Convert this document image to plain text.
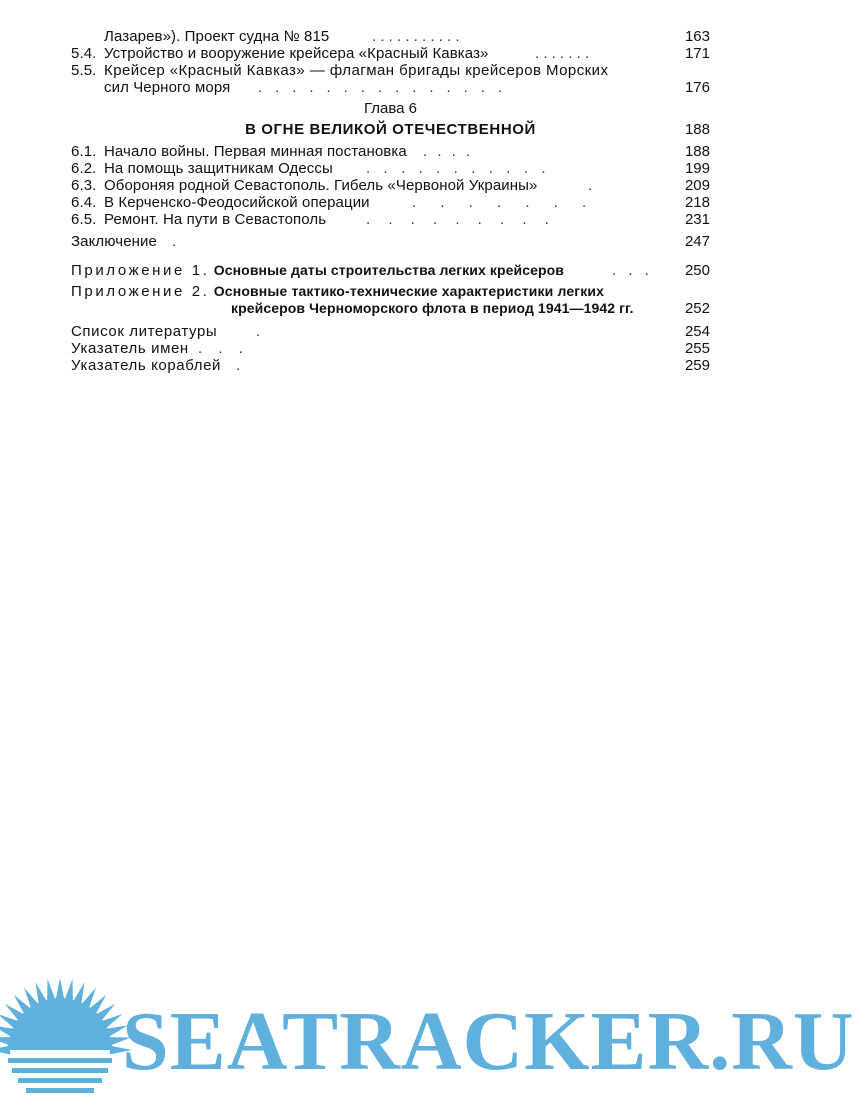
Лазарев»). Проект судна № 815	. . . . . . . . . . .	163
5.4. Устройство и вооружение крейсера «Красный Кавказ»	. . . . . . .	171
5.5. Крейсер «Красный Кавказ» — флагман бригады крейсеров Морских
сил Черного моря . . . . . . . . . . . . . . .	176
Глава 6
В ОГНЕ ВЕЛИКОЙ ОТЕЧЕСТВЕННОЙ	188
6.1. Начало войны. Первая минная постановка . . . .	188
6.2. На помощь защитникам Одессы . . . . . . . . . . .	199
6.3. Обороняя родной Севастополь. Гибель «Червоной Украины»	.	209
6.4. В Керченско-Феодосийской операции	. . . . . . .	218
6.5. Ремонт. На пути в Севастополь	. . . . . . . . .	231
Заключение .	247
Приложение 1. Основные даты строительства легких крейсеров	. . . 250
Приложение 2. Основные тактико-технические характеристики легких
крейсеров Черноморского флота в период 1941—1942 гг.	252
Список литературы	.	254
Указатель имен . . .	255
Указатель кораблей .	259
SEATRACKER.RU
